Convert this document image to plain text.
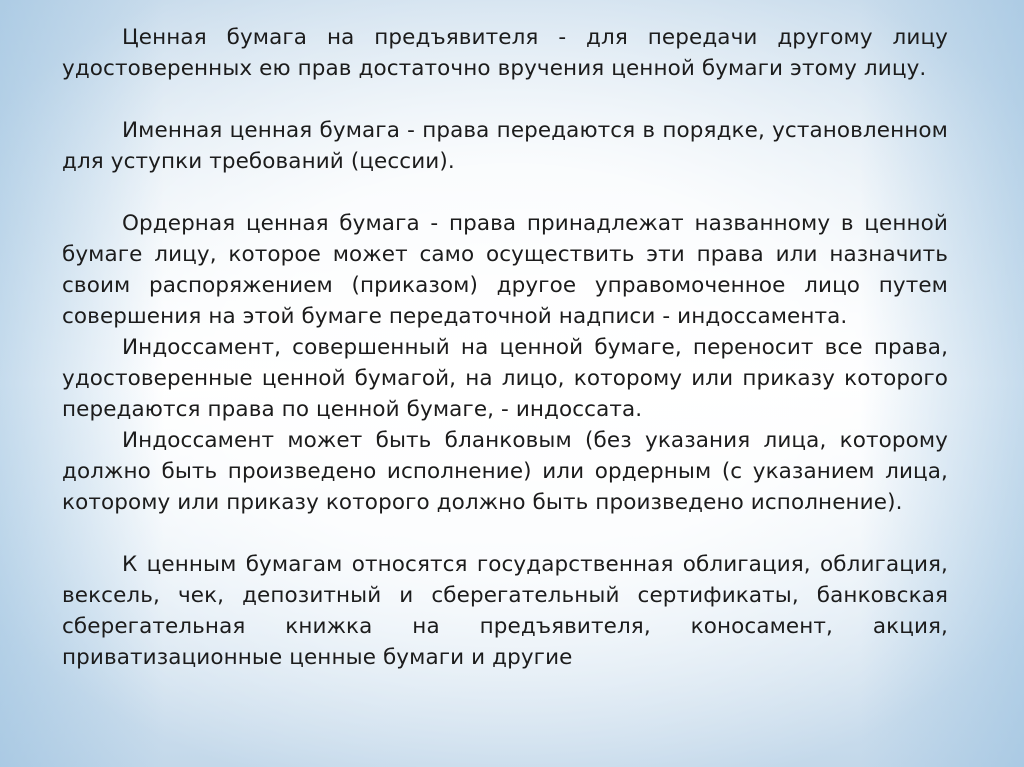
Ценная бумага на предъявителя - для передачи другому лицу удостоверенных ею прав достаточно вручения ценной бумаги этому лицу.

Именная ценная бумага - права передаются в порядке, установленном для уступки требований (цессии).

Ордерная ценная бумага - права принадлежат названному в ценной бумаге лицу, которое может само осуществить эти права или назначить своим распоряжением (приказом) другое управомоченное лицо путем совершения на этой бумаге передаточной надписи - индоссамента.

Индоссамент, совершенный на ценной бумаге, переносит все права, удостоверенные ценной бумагой, на лицо, которому или приказу которого передаются права по ценной бумаге, - индоссата.

Индоссамент может быть бланковым (без указания лица, которому должно быть произведено исполнение) или ордерным (с указанием лица, которому или приказу которого должно быть произведено исполнение).

К ценным бумагам относятся государственная облигация, облигация, вексель, чек, депозитный и сберегательный сертификаты, банковская сберегательная книжка на предъявителя, коносамент, акция, приватизационные ценные бумаги и другие
